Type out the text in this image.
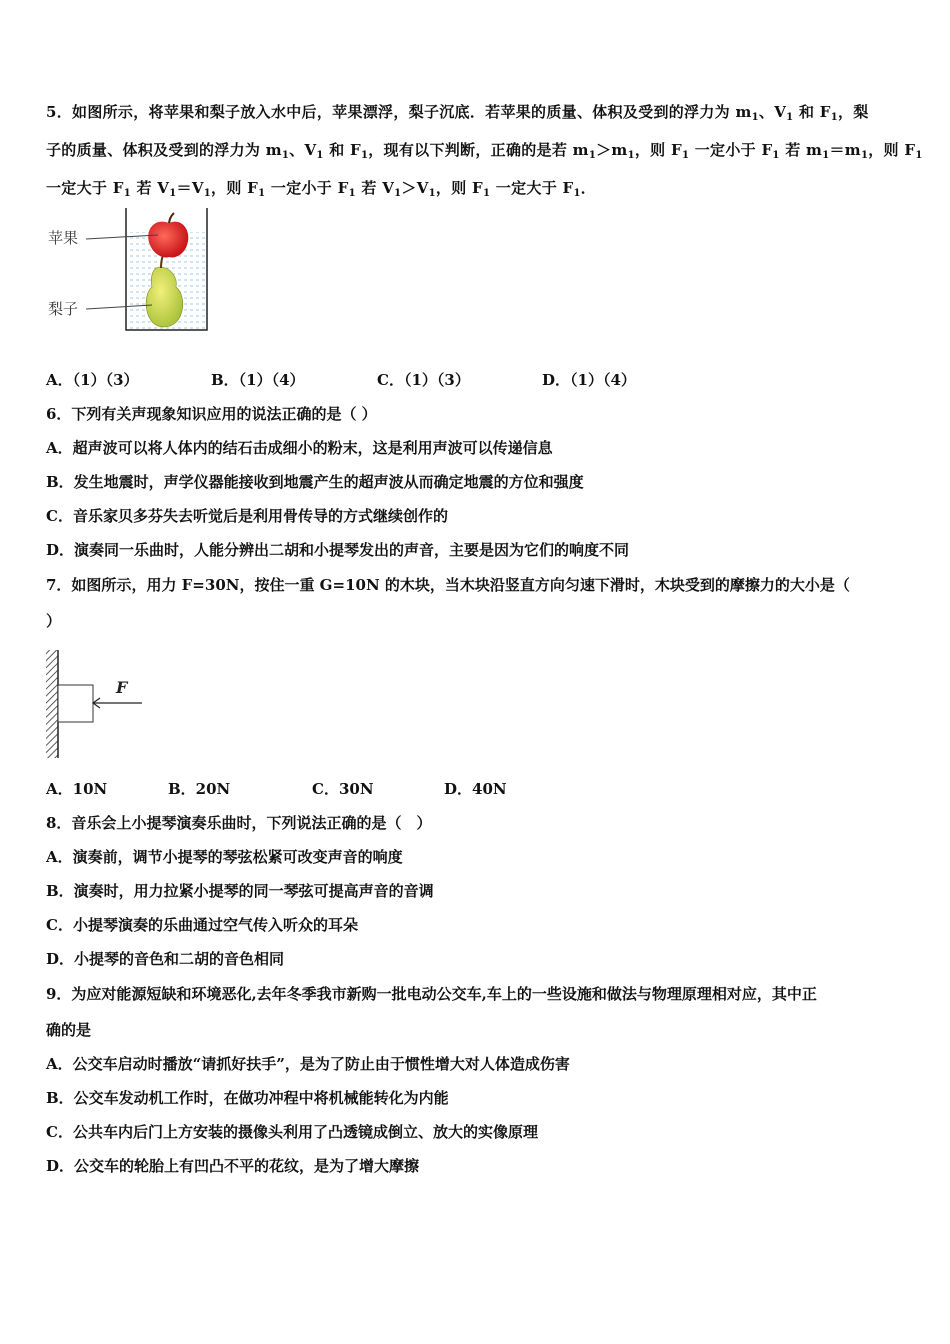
5．如图所示，将苹果和梨子放入水中后，苹果漂浮，梨子沉底．若苹果的质量、体积及受到的浮力为 $m_1$、$V_1$ 和 $F_1$，梨
子的质量、体积及受到的浮力为 $m_1$、$V_1$ 和 $F_1$，现有以下判断，正确的是若 $m_1>m_1$，则 $F_1$ 一定小于 $F_1$ 若 $m_1=m_1$，则 $F_1$
一定大于 $F_1$ 若 $V_1=V_1$，则 $F_1$ 一定小于 $F_1$ 若 $V_1>V_1$，则 $F_1$ 一定大于 $F_1$．
苹果
梨子
A．（1）（3）	B．（1）（4）	C．（1）（3）	D．（1）（4）
6．下列有关声现象知识应用的说法正确的是（ ）
A．超声波可以将人体内的结石击成细小的粉末，这是利用声波可以传递信息
B．发生地震时，声学仪器能接收到地震产生的超声波从而确定地震的方位和强度
C．音乐家贝多芬失去听觉后是利用骨传导的方式继续创作的
D．演奏同一乐曲时，人能分辨出二胡和小提琴发出的声音，主要是因为它们的响度不同
7．如图所示，用力 F=30N，按住一重 G=10N 的木块，当木块沿竖直方向匀速下滑时，木块受到的摩擦力的大小是（
）
F
A．10N	B．20N	C．30N	D．40N
8．音乐会上小提琴演奏乐曲时，下列说法正确的是（　）
A．演奏前，调节小提琴的琴弦松紧可改变声音的响度
B．演奏时，用力拉紧小提琴的同一琴弦可提高声音的音调
C．小提琴演奏的乐曲通过空气传入听众的耳朵
D．小提琴的音色和二胡的音色相同
9．为应对能源短缺和环境恶化,去年冬季我市新购一批电动公交车,车上的一些设施和做法与物理原理相对应，其中正
确的是
A．公交车启动时播放“请抓好扶手”，是为了防止由于惯性增大对人体造成伤害
B．公交车发动机工作时，在做功冲程中将机械能转化为内能
C．公共车内后门上方安装的摄像头利用了凸透镜成倒立、放大的实像原理
D．公交车的轮胎上有凹凸不平的花纹，是为了增大摩擦
